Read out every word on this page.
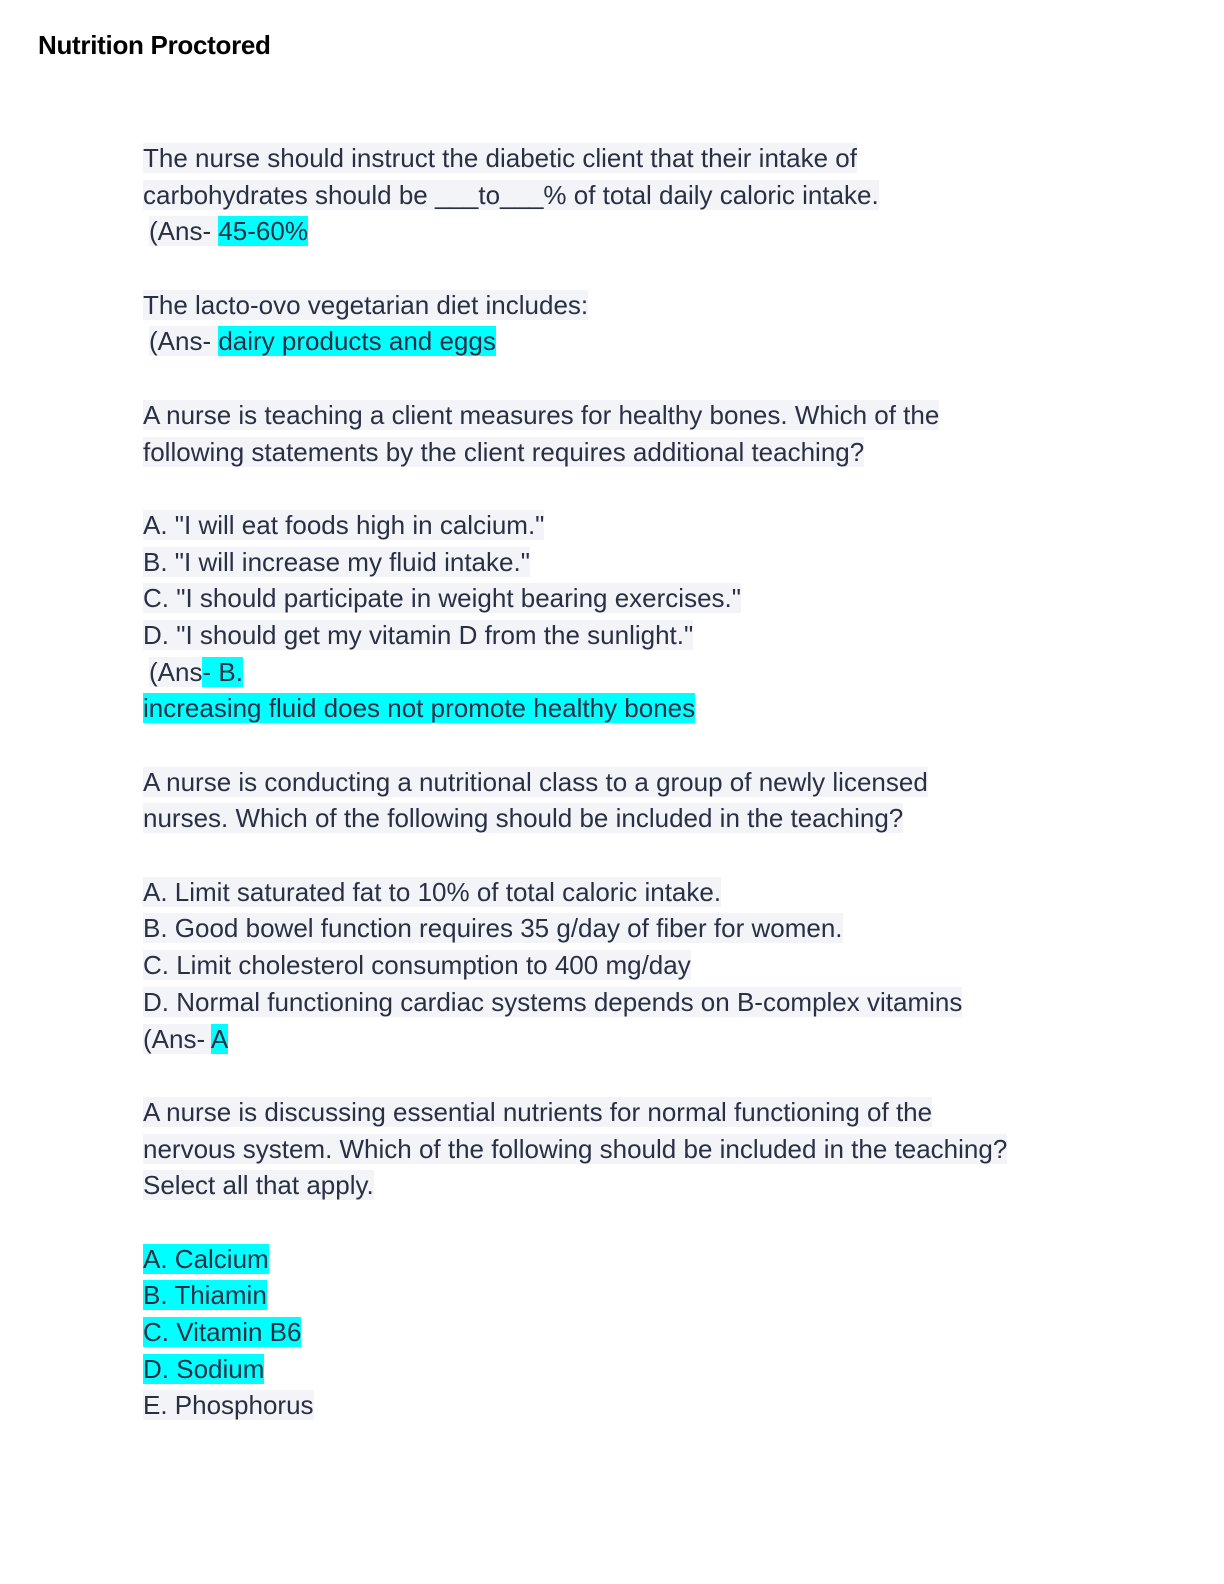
Nutrition Proctored
The nurse should instruct the diabetic client that their intake of
carbohydrates should be ___to___% of total daily caloric intake.
(Ans- 45-60%
The lacto-ovo vegetarian diet includes:
(Ans- dairy products and eggs
A nurse is teaching a client measures for healthy bones. Which of the
following statements by the client requires additional teaching?
A. "I will eat foods high in calcium."
B. "I will increase my fluid intake."
C. "I should participate in weight bearing exercises."
D. "I should get my vitamin D from the sunlight."
(Ans- B.
increasing fluid does not promote healthy bones
A nurse is conducting a nutritional class to a group of newly licensed
nurses. Which of the following should be included in the teaching?
A. Limit saturated fat to 10% of total caloric intake.
B. Good bowel function requires 35 g/day of fiber for women.
C. Limit cholesterol consumption to 400 mg/day
D. Normal functioning cardiac systems depends on B-complex vitamins
(Ans- A
A nurse is discussing essential nutrients for normal functioning of the
nervous system. Which of the following should be included in the teaching?
Select all that apply.
A. Calcium
B. Thiamin
C. Vitamin B6
D. Sodium
E. Phosphorus
